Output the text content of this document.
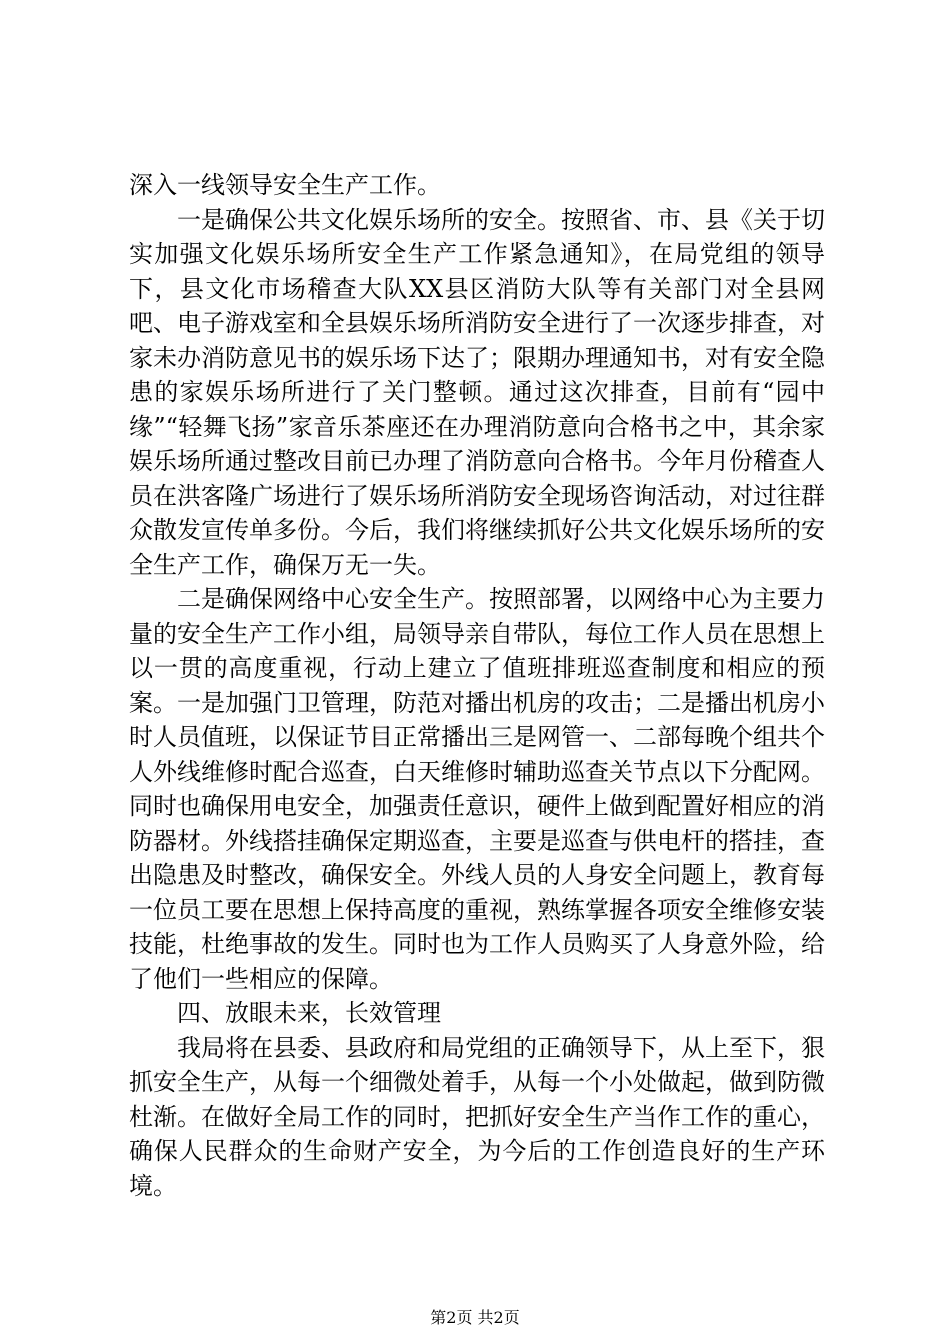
深入一线领导安全生产工作。

一是确保公共文化娱乐场所的安全。按照省、市、县《关于切实加强文化娱乐场所安全生产工作紧急通知》，在局党组的领导下，县文化市场稽查大队XX县区消防大队等有关部门对全县网吧、电子游戏室和全县娱乐场所消防安全进行了一次逐步排查，对家未办消防意见书的娱乐场下达了；限期办理通知书，对有安全隐患的家娱乐场所进行了关门整顿。通过这次排查，目前有“园中缘”“轻舞飞扬”家音乐茶座还在办理消防意向合格书之中，其余家娱乐场所通过整改目前已办理了消防意向合格书。今年月份稽查人员在洪客隆广场进行了娱乐场所消防安全现场咨询活动，对过往群众散发宣传单多份。今后，我们将继续抓好公共文化娱乐场所的安全生产工作，确保万无一失。

二是确保网络中心安全生产。按照部署，以网络中心为主要力量的安全生产工作小组，局领导亲自带队，每位工作人员在思想上以一贯的高度重视，行动上建立了值班排班巡查制度和相应的预案。一是加强门卫管理，防范对播出机房的攻击；二是播出机房小时人员值班，以保证节目正常播出三是网管一、二部每晚个组共个人外线维修时配合巡查，白天维修时辅助巡查关节点以下分配网。同时也确保用电安全，加强责任意识，硬件上做到配置好相应的消防器材。外线搭挂确保定期巡查，主要是巡查与供电杆的搭挂，查出隐患及时整改，确保安全。外线人员的人身安全问题上，教育每一位员工要在思想上保持高度的重视，熟练掌握各项安全维修安装技能，杜绝事故的发生。同时也为工作人员购买了人身意外险，给了他们一些相应的保障。

四、放眼未来，长效管理

我局将在县委、县政府和局党组的正确领导下，从上至下，狠抓安全生产，从每一个细微处着手，从每一个小处做起，做到防微杜渐。在做好全局工作的同时，把抓好安全生产当作工作的重心，确保人民群众的生命财产安全，为今后的工作创造良好的生产环境。

第2页 共2页
